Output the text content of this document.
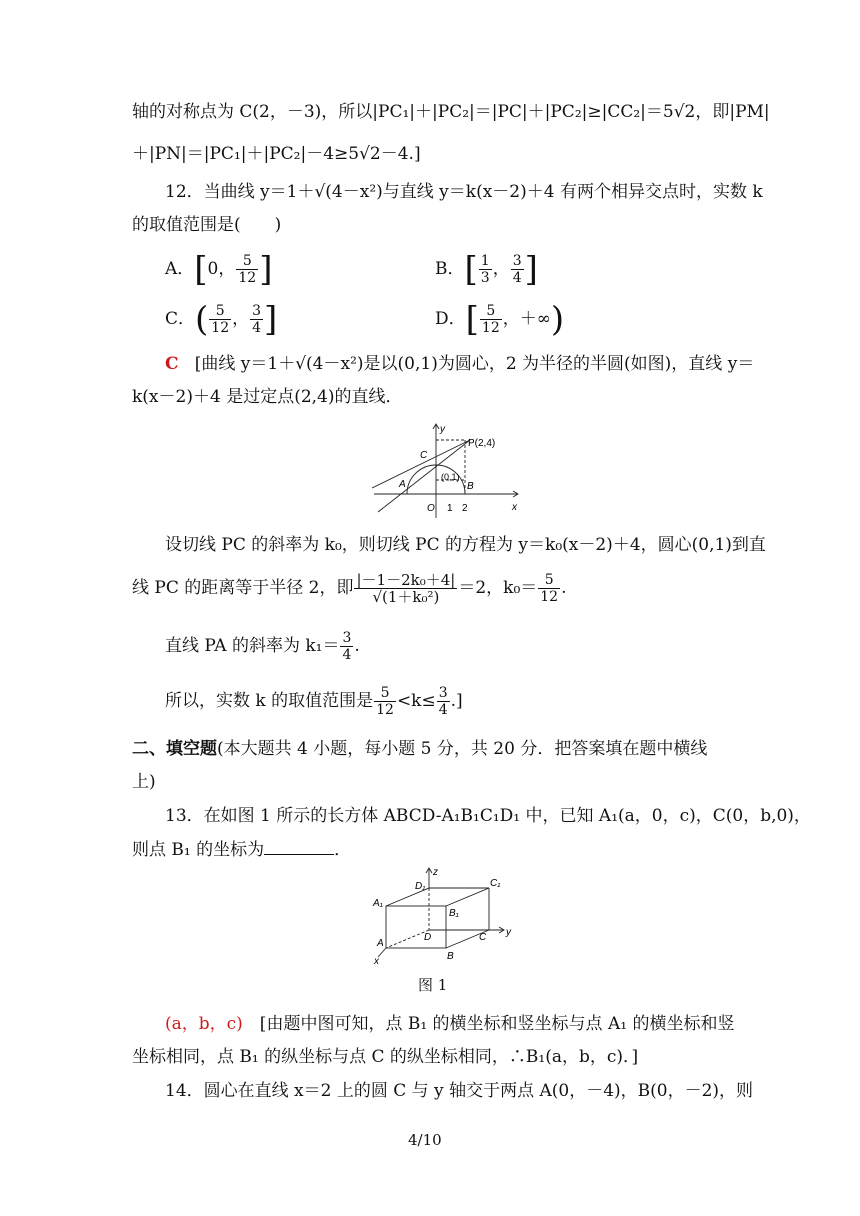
轴的对称点为 C(2，－3)，所以|PC₁|＋|PC₂|＝|PC|＋|PC₂|≥|CC₂|＝5√2，即|PM|
＋|PN|＝|PC₁|＋|PC₂|－4≥5√2－4.]
12．当曲线 y＝1＋√(4－x²)与直线 y＝k(x－2)＋4 有两个相异交点时，实数 k
的取值范围是(　　)
A．[0， $\frac{5}{12}$ ]	B．[ $\frac{1}{3}$ ， $\frac{3}{4}$ ]
C．( $\frac{5}{12}$ ， $\frac{3}{4}$ ]	D．[ $\frac{5}{12}$ ，＋∞)
C [曲线 y＝1＋√(4－x²)是以(0,1)为圆心，2 为半径的半圆(如图)，直线 y＝
k(x－2)＋4 是过定点(2,4)的直线．
y
x
P(2,4)
C
A	B
(0,1)
O 1 2
设切线 PC 的斜率为 k₀，则切线 PC 的方程为 y＝k₀(x－2)＋4，圆心(0,1)到直
线 PC 的距离等于半径 2，即 $\frac{\text{|－1－2k₀＋4|}}{\text{√(1＋k₀²)}} =2$，$k_0= \frac{5}{12}$ .
直线 PA 的斜率为 $k_1= \frac{3}{4}$ .
所以，实数 k 的取值范围是 $\frac{5}{12} <k\le \frac{3}{4}$ .]
二、填空题(本大题共 4 小题，每小题 5 分，共 20 分．把答案填在题中横线
上)
13．在如图 1 所示的长方体 ABCD-A₁B₁C₁D₁ 中，已知 A₁(a，0，c)，C(0，b,0)，
则点 B₁ 的坐标为	．
z
y
x
A₁
B₁
C₁
D₁
A
B
C
D
图 1
(a，b，c)　[由题中图可知，点 B₁ 的横坐标和竖坐标与点 A₁ 的横坐标和竖
坐标相同，点 B₁ 的纵坐标与点 C 的纵坐标相同，∴B₁(a，b，c)．]
14．圆心在直线 x＝2 上的圆 C 与 y 轴交于两点 A(0，－4)，B(0，－2)，则
4/10
